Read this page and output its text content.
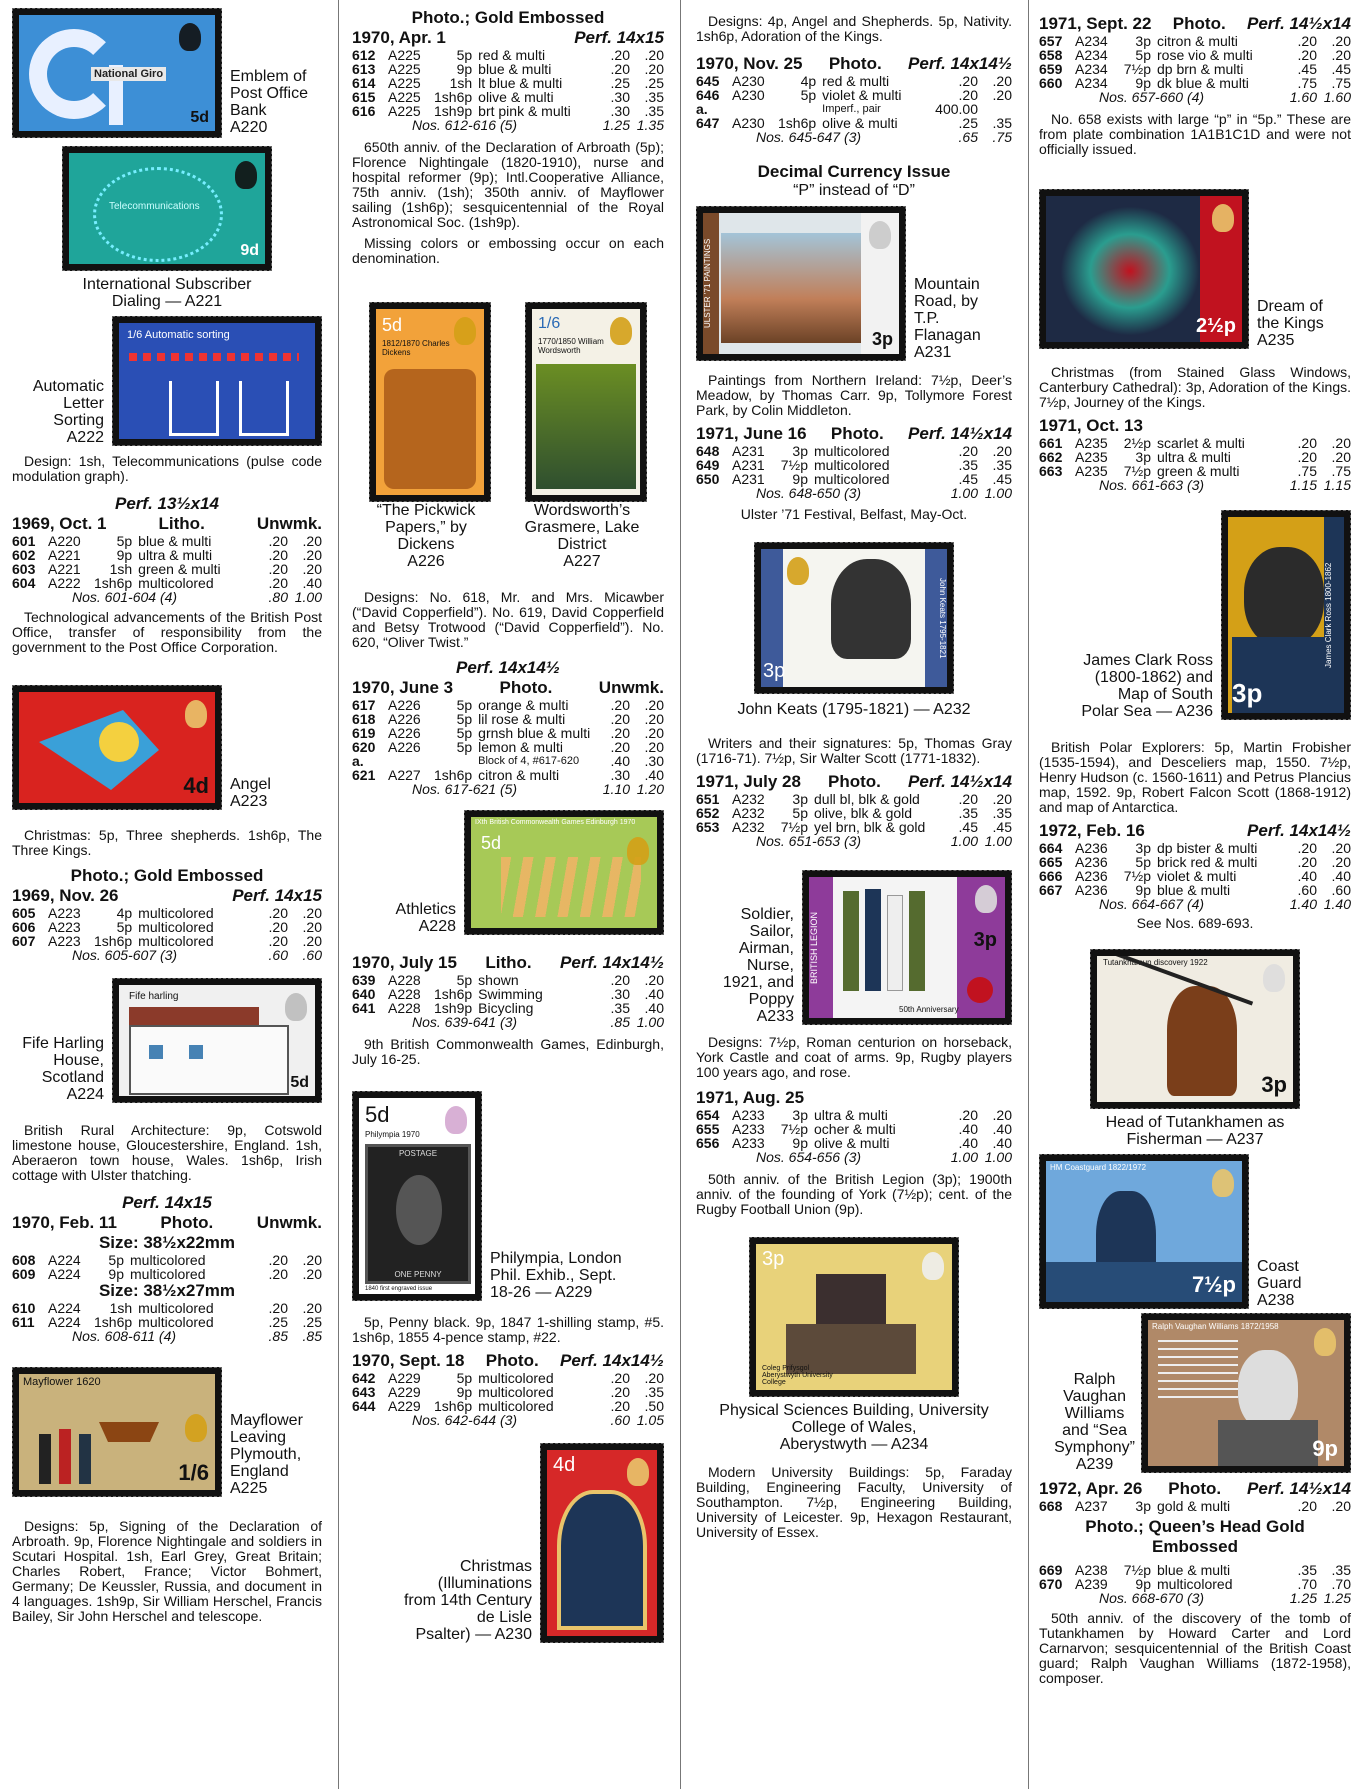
National Giro
5d
Emblem of
Post Office
Bank
A220
Telecommunications
9d
International Subscriber
Dialing — A221
Automatic
Letter
Sorting
A222
1/6 Automatic sorting

Design: 1sh, Telecommunications (pulse code modulation graph).

Perf. 13½x14
1969, Oct. 1	Litho.	Unwmk.
601	A220	5p	blue & multi	.20	.20
602	A221	9p	ultra & multi	.20	.20
603	A221	1sh	green & multi	.20	.20
604	A222	1sh6p	multicolored	.20	.40
Nos. 601-604 (4)				.80	1.00

Technological advancements of the British Post Office, transfer of responsibility from the government to the Post Office Corporation.

4d Angel
A223

Christmas: 5p, Three shepherds. 1sh6p, The Three Kings.

Photo.; Gold Embossed
1969, Nov. 26	Perf. 14x15
605	A223	4p	multicolored	.20	.20
606	A223	5p	multicolored	.20	.20
607	A223	1sh6p	multicolored	.20	.20
Nos. 605-607 (3)				.60	.60
Fife Harling
House,
Scotland
A224
Fife harling
5d

British Rural Architecture: 9p, Cotswold limestone house, Gloucestershire, England. 1sh, Aberaeron town house, Wales. 1sh6p, Irish cottage with Ulster thatching.

Perf. 14x15
1970, Feb. 11	Photo.	Unwmk.
Size: 38½x22mm
608	A224	5p	multicolored	.20	.20
609	A224	9p	multicolored	.20	.20
Size: 38½x27mm
610	A224	1sh	multicolored	.20	.20
611	A224	1sh6p	multicolored	.25	.25
Nos. 608-611 (4)				.85	.85
Mayflower 1620
1/6
Mayflower
Leaving
Plymouth,
England
A225

Designs: 5p, Signing of the Declaration of Arbroath. 9p, Florence Nightingale and soldiers in Scutari Hospital. 1sh, Earl Grey, Great Britain; Charles Robert, France; Victor Bohmert, Germany; De Keussler, Russia, and document in 4 languages. 1sh9p, Sir William Herschel, Francis Bailey, Sir John Herschel and telescope.

Photo.; Gold Embossed
1970, Apr. 1	Perf. 14x15
612	A225	5p	red & multi	.20	.20
613	A225	9p	blue & multi	.20	.20
614	A225	1sh	lt blue & multi	.25	.25
615	A225	1sh6p	olive & multi	.30	.35
616	A225	1sh9p	brt pink & multi	.30	.35
Nos. 612-616 (5)				1.25	1.35

650th anniv. of the Declaration of Arbroath (5p); Florence Nightingale (1820-1910), nurse and hospital reformer (9p); Intl.Cooperative Alliance, 75th anniv. (1sh); 350th anniv. of Mayflower sailing (1sh6p); sesquicentennial of the Royal Astronomical Soc. (1sh9p).

Missing colors or embossing occur on each denomination.

5d
1812/1870 Charles Dickens
1/6
1770/1850 William Wordsworth
“The Pickwick
Papers,” by
Dickens
A226
Wordsworth’s
Grasmere, Lake
District
A227

Designs: No. 618, Mr. and Mrs. Micawber (“David Copperfield”). No. 619, David Copperfield and Betsy Trotwood (“David Copperfield”). No. 620, “Oliver Twist.”

Perf. 14x14½
1970, June 3	Photo.	Unwmk.
617	A226	5p	orange & multi	.20	.20
618	A226	5p	lil rose & multi	.20	.20
619	A226	5p	grnsh blue & multi	.20	.20
620	A226	5p	lemon & multi	.20	.20
a.			Block of 4, #617-620	.40	.30
621	A227	1sh6p	citron & multi	.30	.40
Nos. 617-621 (5)				1.10	1.20
Athletics
A228
IXth British Commonwealth Games Edinburgh 1970
5d
1970, July 15 Litho. Perf. 14x14½
639	A228	5p	shown	.20	.20
640	A228	1sh6p	Swimming	.30	.40
641	A228	1sh9p	Bicycling	.35	.40
Nos. 639-641 (3)				.85	1.00

9th British Commonwealth Games, Edinburgh, July 16-25.

5d
Philympia 1970
POSTAGE
ONE PENNY
1840 first engraved issue
Philympia, London
Phil. Exhib., Sept.
18-26 — A229

5p, Penny black. 9p, 1847 1-shilling stamp, #5. 1sh6p, 1855 4-pence stamp, #22.

1970, Sept. 18 Photo. Perf. 14x14½
642	A229	5p	multicolored	.20	.20
643	A229	9p	multicolored	.20	.35
644	A229	1sh6p	multicolored	.20	.50
Nos. 642-644 (3)				.60	1.05
Christmas
(Illuminations
from 14th Century
de Lisle
Psalter) — A230
4d

Designs: 4p, Angel and Shepherds. 5p, Nativity. 1sh6p, Adoration of the Kings.

1970, Nov. 25 Photo. Perf. 14x14½
645	A230	4p	red & multi	.20	.20
646	A230	5p	violet & multi	.20	.20
a.			Imperf., pair	400.00	
647	A230	1sh6p	olive & multi	.25	.35
Nos. 645-647 (3)				.65	.75
Decimal Currency Issue
“P” instead of “D”
ULSTER ’71 PAINTINGS
3p
Mountain
Road, by
T.P.
Flanagan
A231

Paintings from Northern Ireland: 7½p, Deer’s Meadow, by Thomas Carr. 9p, Tollymore Forest Park, by Colin Middleton.

1971, June 16 Photo. Perf. 14½x14
648	A231	3p	multicolored	.20	.20
649	A231	7½p	multicolored	.35	.35
650	A231	9p	multicolored	.45	.45
Nos. 648-650 (3)				1.00	1.00
Ulster ’71 Festival, Belfast, May-Oct.
John Keats 1795-1821
3p
John Keats (1795-1821) — A232

Writers and their signatures: 5p, Thomas Gray (1716-71). 7½p, Sir Walter Scott (1771-1832).

1971, July 28 Photo. Perf. 14½x14
651	A232	3p	dull bl, blk & gold	.20	.20
652	A232	5p	olive, blk & gold	.35	.35
653	A232	7½p	yel brn, blk & gold	.45	.45
Nos. 651-653 (3)				1.00	1.00
Soldier,
Sailor,
Airman,
Nurse,
1921, and
Poppy
A233
BRITISH LEGION
50th Anniversary
3p

Designs: 7½p, Roman centurion on horseback, York Castle and coat of arms. 9p, Rugby players 100 years ago, and rose.

1971, Aug. 25
654	A233	3p	ultra & multi	.20	.20
655	A233	7½p	ocher & multi	.40	.40
656	A233	9p	olive & multi	.40	.40
Nos. 654-656 (3)				1.00	1.00

50th anniv. of the British Legion (3p); 1900th anniv. of the founding of York (7½p); cent. of the Rugby Football Union (9p).

3p
Coleg Prifysgol Aberystwyth University College
Physical Sciences Building, University
College of Wales,
Aberystwyth — A234

Modern University Buildings: 5p, Faraday Building, Engineering Faculty, University of Southampton. 7½p, Engineering Building, University of Leicester. 9p, Hexagon Restaurant, University of Essex.

1971, Sept. 22 Photo. Perf. 14½x14
657	A234	3p	citron & multi	.20	.20
658	A234	5p	rose vio & multi	.20	.20
659	A234	7½p	dp brn & multi	.45	.45
660	A234	9p	dk blue & multi	.75	.75
Nos. 657-660 (4)				1.60	1.60

No. 658 exists with large “p” in “5p.” These are from plate combination 1A1B1C1D and were not officially issued.

2½p
Dream of
the Kings
A235

Christmas (from Stained Glass Windows, Canterbury Cathedral): 3p, Adoration of the Kings. 7½p, Journey of the Kings.

1971, Oct. 13
661	A235	2½p	scarlet & multi	.20	.20
662	A235	3p	ultra & multi	.20	.20
663	A235	7½p	green & multi	.75	.75
Nos. 661-663 (3)				1.15	1.15
James Clark Ross
(1800-1862) and
Map of South
Polar Sea — A236
James Clark Ross 1800-1862
3p

British Polar Explorers: 5p, Martin Frobisher (1535-1594), and Desceliers map, 1550. 7½p, Henry Hudson (c. 1560-1611) and Petrus Plancius map, 1592. 9p, Robert Falcon Scott (1868-1912) and map of Antarctica.

1972, Feb. 16	Perf. 14x14½
664	A236	3p	dp bister & multi	.20	.20
665	A236	5p	brick red & multi	.20	.20
666	A236	7½p	violet & multi	.40	.40
667	A236	9p	blue & multi	.60	.60
Nos. 664-667 (4)				1.40	1.40
See Nos. 689-693.
Tutankhamun discovery 1922
3p
Head of Tutankhamen as
Fisherman — A237
HM Coastguard 1822/1972
7½p
Coast
Guard
A238
Ralph
Vaughan
Williams
and “Sea
Symphony”
A239
Ralph Vaughan Williams 1872/1958
9p
1972, Apr. 26 Photo. Perf. 14½x14
668	A237	3p	gold & multi	.20	.20
Photo.; Queen’s Head Gold
Embossed
669	A238	7½p	blue & multi	.35	.35
670	A239	9p	multicolored	.70	.70
Nos. 668-670 (3)				1.25	1.25

50th anniv. of the discovery of the tomb of Tutankhamen by Howard Carter and Lord Carnarvon; sesquicentennial of the British Coast guard; Ralph Vaughan Williams (1872-1958), composer.
